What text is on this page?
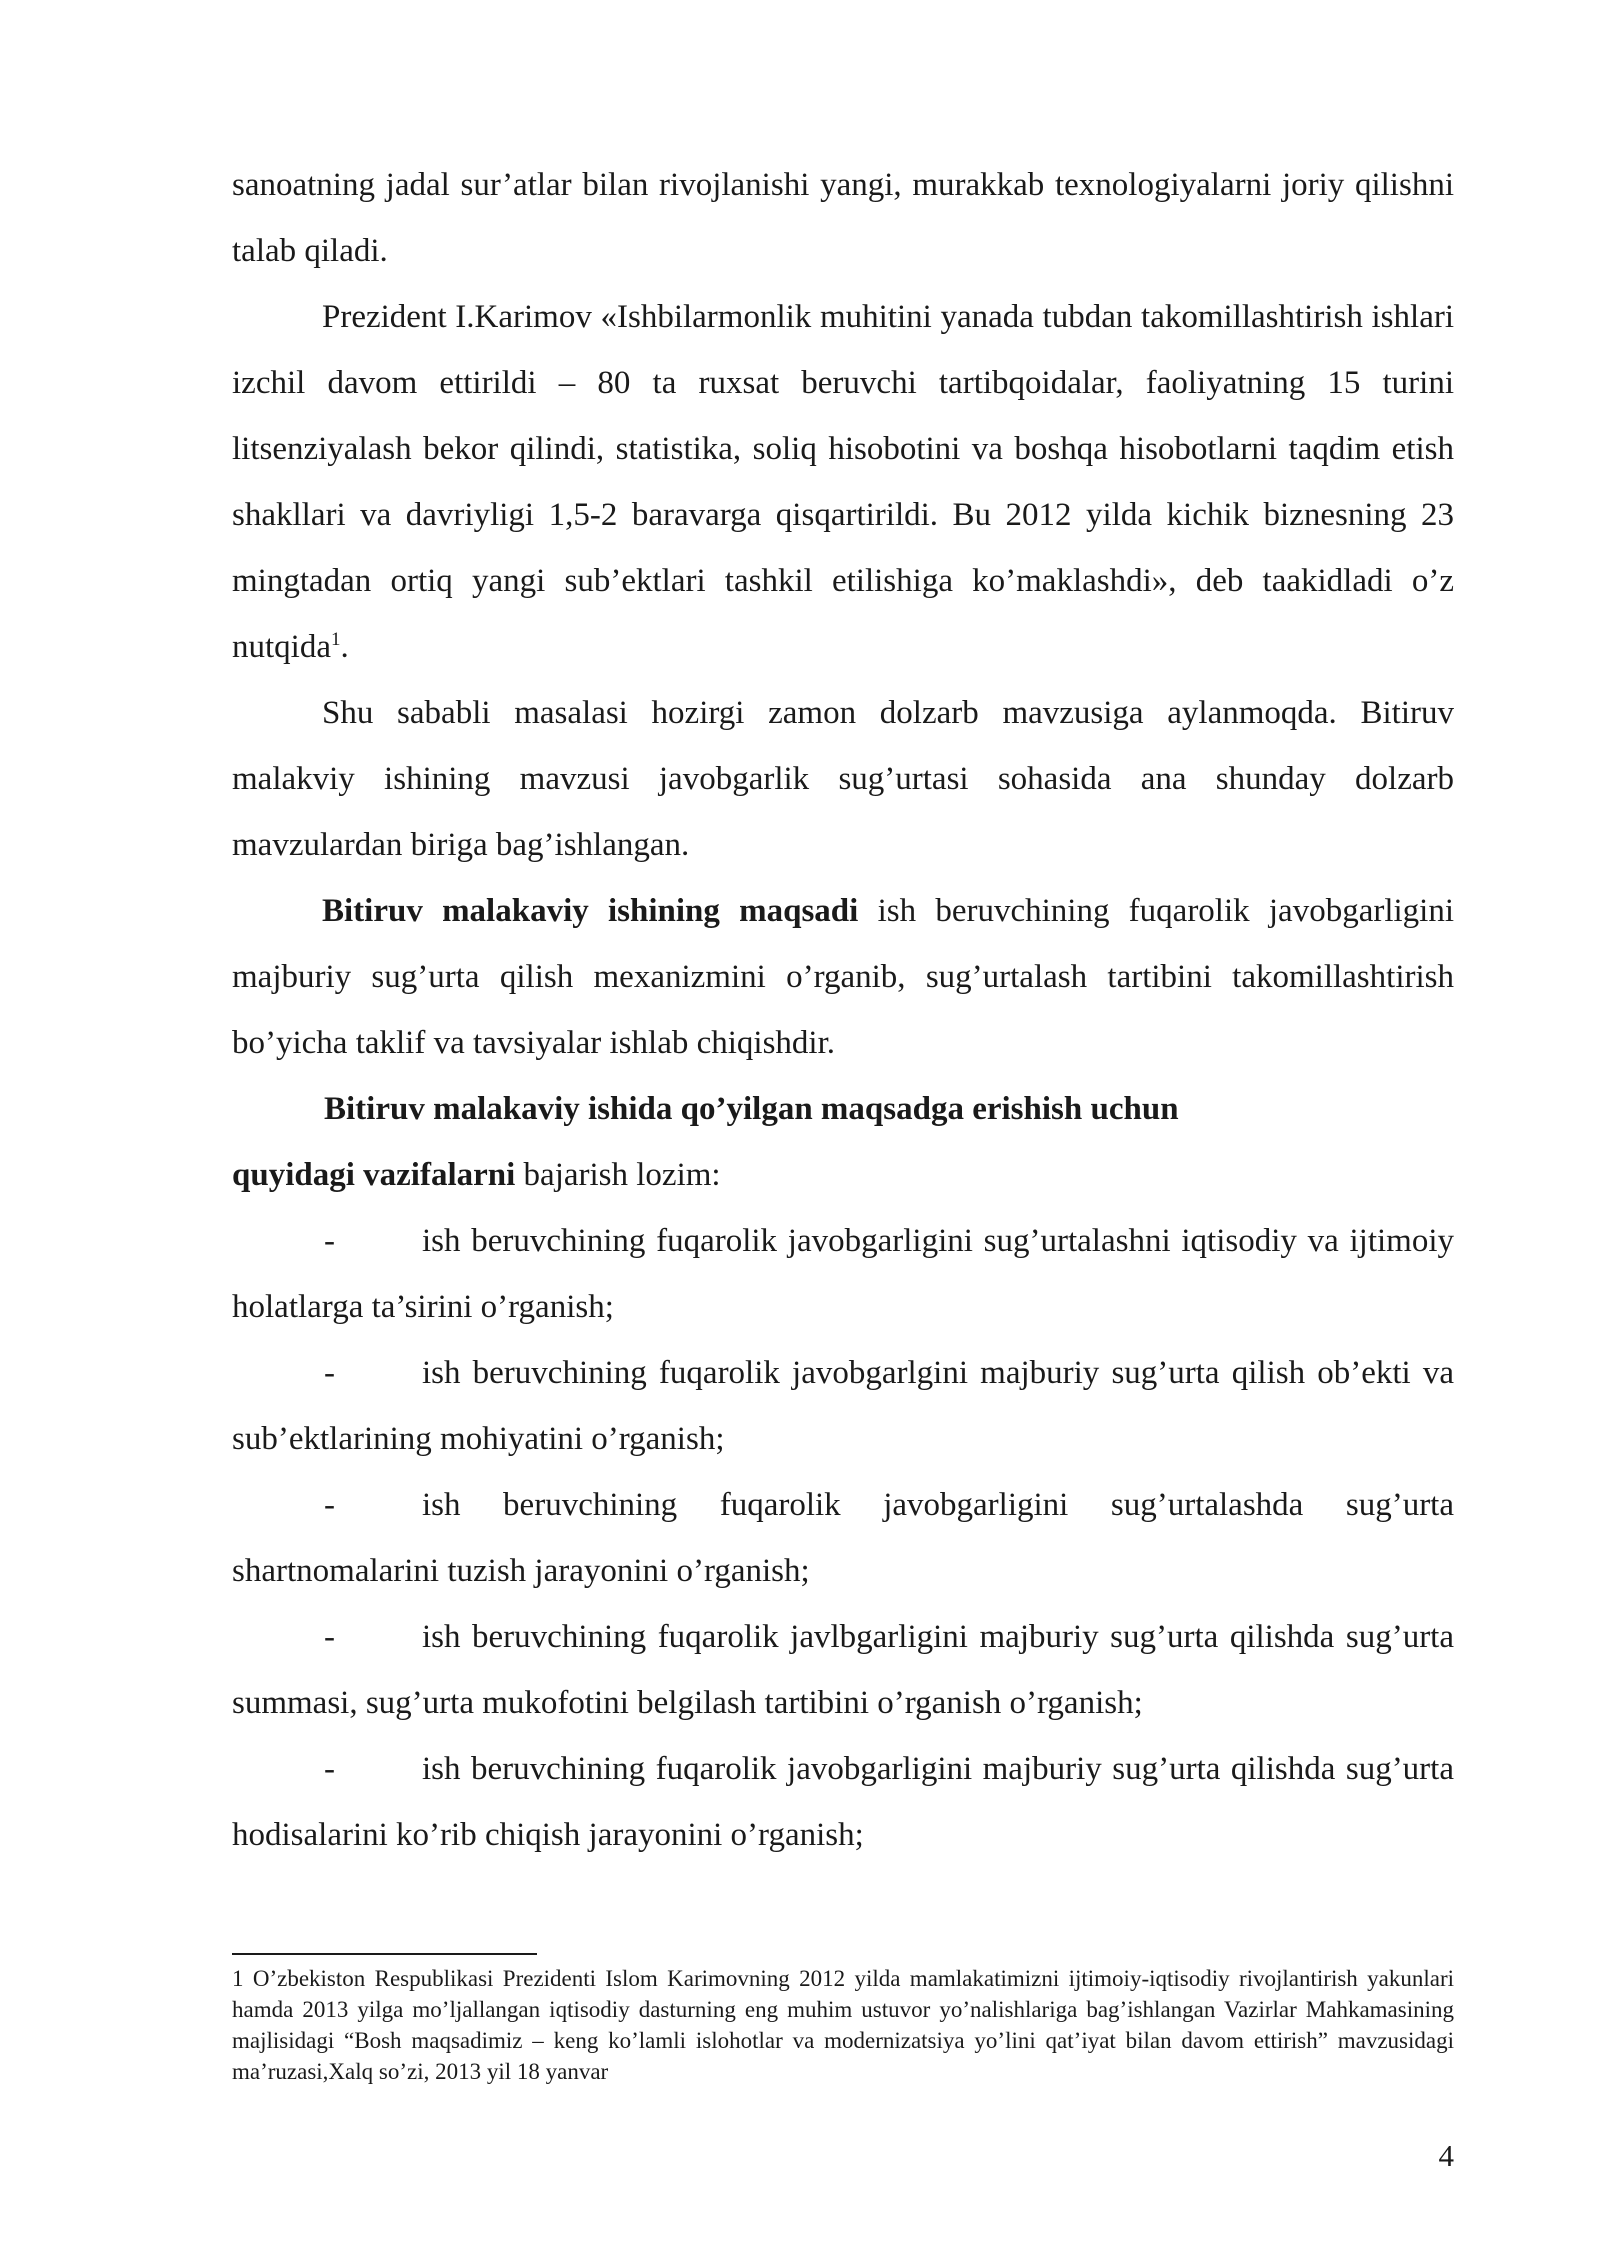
sanoatning jadal sur’atlar bilan rivojlanishi yangi, murakkab texnologiyalarni joriy qilishni talab qiladi.

Prezident I.Karimov «Ishbilarmonlik muhitini yanada tubdan takomillashtirish ishlari izchil davom ettirildi – 80 ta ruxsat beruvchi tartibqoidalar, faoliyatning 15 turini litsenziyalash bekor qilindi, statistika, soliq hisobotini va boshqa hisobotlarni taqdim etish shakllari va davriyligi 1,5-2 baravarga qisqartirildi. Bu 2012 yilda kichik biznesning 23 mingtadan ortiq yangi sub’ektlari tashkil etilishiga ko’maklashdi», deb taakidladi o’z nutqida$^1$.

Shu sababli masalasi hozirgi zamon dolzarb mavzusiga aylanmoqda. Bitiruv malakviy ishining mavzusi javobgarlik sug’urtasi sohasida ana shunday dolzarb mavzulardan biriga bag’ishlangan.

Bitiruv malakaviy ishining maqsadi ish beruvchining fuqarolik javobgarligini majburiy sug’urta qilish mexanizmini o’rganib, sug’urtalash tartibini takomillashtirish bo’yicha taklif va tavsiyalar ishlab chiqishdir.

Bitiruv malakaviy ishida qo’yilgan maqsadga erishish uchun
quyidagi vazifalarni bajarish lozim:

-	ish beruvchining fuqarolik javobgarligini sug’urtalashni iqtisodiy va ijtimoiy holatlarga ta’sirini o’rganish;

-	ish beruvchining fuqarolik javobgarlgini majburiy sug’urta qilish ob’ekti va sub’ektlarining mohiyatini o’rganish;

-	ish beruvchining fuqarolik javobgarligini sug’urtalashda sug’urta shartnomalarini tuzish jarayonini o’rganish;

-	ish beruvchining fuqarolik javlbgarligini majburiy sug’urta qilishda sug’urta summasi, sug’urta mukofotini belgilash tartibini o’rganish o’rganish;

-	ish beruvchining fuqarolik javobgarligini majburiy sug’urta qilishda sug’urta hodisalarini ko’rib chiqish jarayonini o’rganish;

1 O’zbekiston Respublikasi Prezidenti Islom Karimovning 2012 yilda mamlakatimizni ijtimoiy-iqtisodiy rivojlantirish yakunlari hamda 2013 yilga mo’ljallangan iqtisodiy dasturning eng muhim ustuvor yo’nalishlariga bag’ishlangan Vazirlar Mahkamasining majlisidagi “Bosh maqsadimiz – keng ko’lamli islohotlar va modernizatsiya yo’lini qat’iyat bilan davom ettirish” mavzusidagi ma’ruzasi,Xalq so’zi, 2013 yil 18 yanvar
4
